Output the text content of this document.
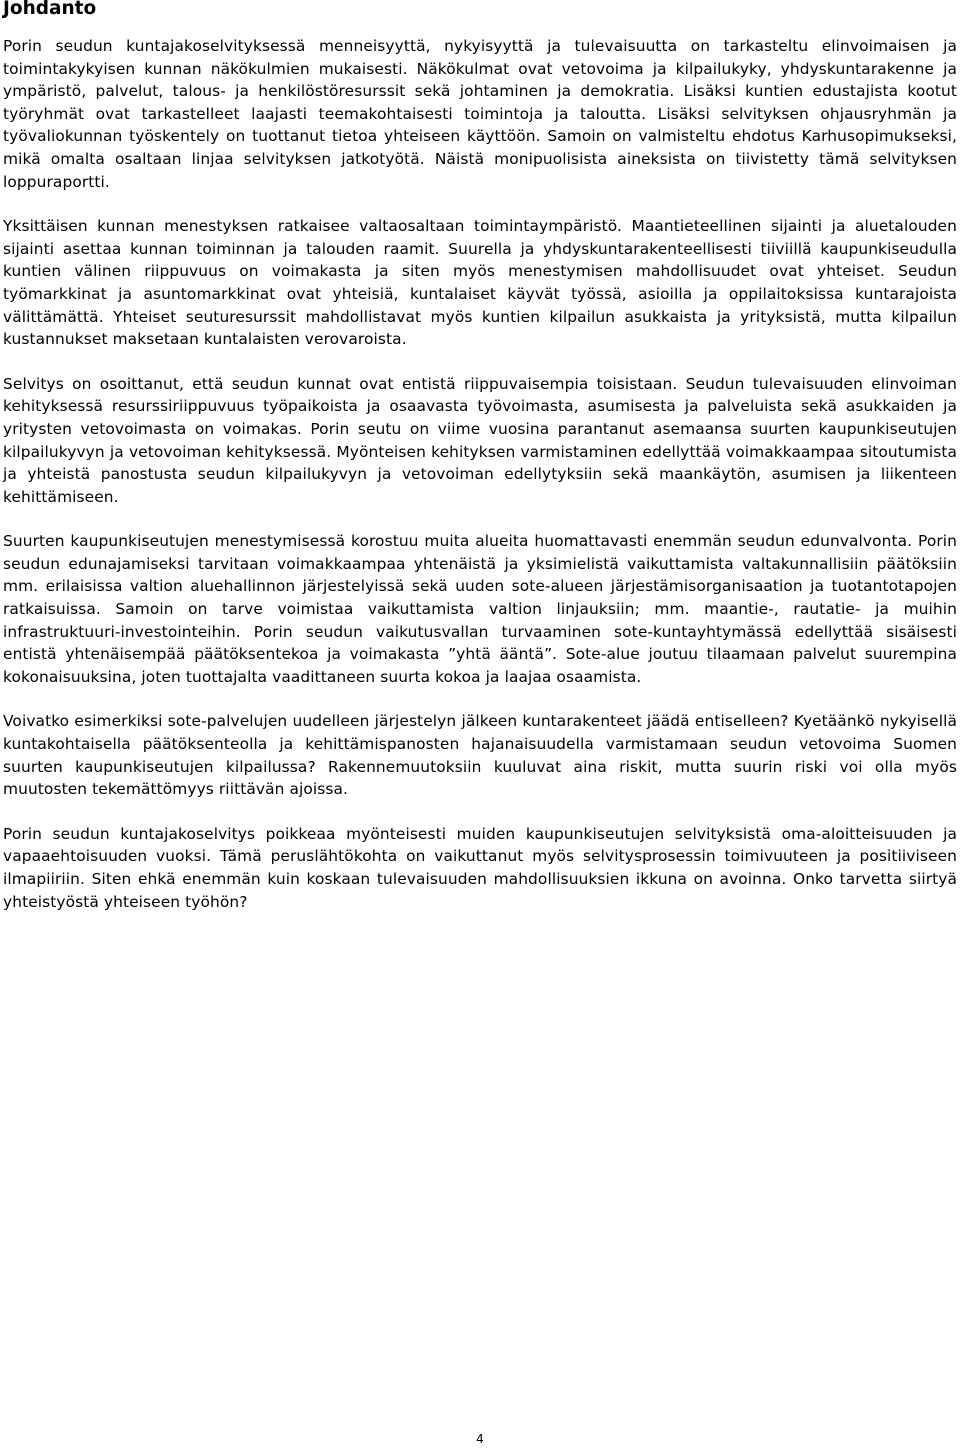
Johdanto

Porin seudun kuntajakoselvityksessä menneisyyttä, nykyisyyttä ja tulevaisuutta on tarkasteltu elinvoimaisen ja toimintakykyisen kunnan näkökulmien mukaisesti. Näkökulmat ovat vetovoima ja kilpailukyky, yhdyskuntarakenne ja ympäristö, palvelut, talous- ja henkilöstöresurssit sekä johtaminen ja demokratia. Lisäksi kuntien edustajista kootut työryhmät ovat tarkastelleet laajasti teemakohtaisesti toimintoja ja taloutta. Lisäksi selvityksen ohjausryhmän ja työvaliokunnan työskentely on tuottanut tietoa yhteiseen käyttöön. Samoin on valmisteltu ehdotus Karhusopimukseksi, mikä omalta osaltaan linjaa selvityksen jatkotyötä. Näistä monipuolisista aineksista on tiivistetty tämä selvityksen loppuraportti.

Yksittäisen kunnan menestyksen ratkaisee valtaosaltaan toimintaympäristö. Maantieteellinen sijainti ja aluetalouden sijainti asettaa kunnan toiminnan ja talouden raamit. Suurella ja yhdyskuntarakenteellisesti tiiviillä kaupunkiseudulla kuntien välinen riippuvuus on voimakasta ja siten myös menestymisen mahdollisuudet ovat yhteiset. Seudun työmarkkinat ja asuntomarkkinat ovat yhteisiä, kuntalaiset käyvät työssä, asioilla ja oppilaitoksissa kuntarajoista välittämättä. Yhteiset seuturesurssit mahdollistavat myös kuntien kilpailun asukkaista ja yrityksistä, mutta kilpailun kustannukset maksetaan kuntalaisten verovaroista.

Selvitys on osoittanut, että seudun kunnat ovat entistä riippuvaisempia toisistaan. Seudun tulevaisuuden elinvoiman kehityksessä resurssiriippuvuus työpaikoista ja osaavasta työvoimasta, asumisesta ja palveluista sekä asukkaiden ja yritysten vetovoimasta on voimakas. Porin seutu on viime vuosina parantanut asemaansa suurten kaupunkiseutujen kilpailukyvyn ja vetovoiman kehityksessä. Myönteisen kehityksen varmistaminen edellyttää voimakkaampaa sitoutumista ja yhteistä panostusta seudun kilpailukyvyn ja vetovoiman edellytyksiin sekä maankäytön, asumisen ja liikenteen kehittämiseen.

Suurten kaupunkiseutujen menestymisessä korostuu muita alueita huomattavasti enemmän seudun edunvalvonta. Porin seudun edunajamiseksi tarvitaan voimakkaampaa yhtenäistä ja yksimielistä vaikuttamista valtakunnallisiin päätöksiin mm. erilaisissa valtion aluehallinnon järjestelyissä sekä uuden sote-alueen järjestämisorganisaation ja tuotantotapojen ratkaisuissa. Samoin on tarve voimistaa vaikuttamista valtion linjauksiin; mm. maantie-, rautatie- ja muihin infrastruktuuri-investointeihin. Porin seudun vaikutusvallan turvaaminen sote-kuntayhtymässä edellyttää sisäisesti entistä yhtenäisempää päätöksentekoa ja voimakasta ”yhtä ääntä”. Sote-alue joutuu tilaamaan palvelut suurempina kokonaisuuksina, joten tuottajalta vaadittaneen suurta kokoa ja laajaa osaamista.

Voivatko esimerkiksi sote-palvelujen uudelleen järjestelyn jälkeen kuntarakenteet jäädä entiselleen? Kyetäänkö nykyisellä kuntakohtaisella päätöksenteolla ja kehittämispanosten hajanaisuudella varmistamaan seudun vetovoima Suomen suurten kaupunkiseutujen kilpailussa? Rakennemuutoksiin kuuluvat aina riskit, mutta suurin riski voi olla myös muutosten tekemättömyys riittävän ajoissa.

Porin seudun kuntajakoselvitys poikkeaa myönteisesti muiden kaupunkiseutujen selvityksistä oma-aloitteisuuden ja vapaaehtoisuuden vuoksi. Tämä peruslähtökohta on vaikuttanut myös selvitysprosessin toimivuuteen ja positiiviseen ilmapiiriin. Siten ehkä enemmän kuin koskaan tulevaisuuden mahdollisuuksien ikkuna on avoinna. Onko tarvetta siirtyä yhteistyöstä yhteiseen työhön?

4
